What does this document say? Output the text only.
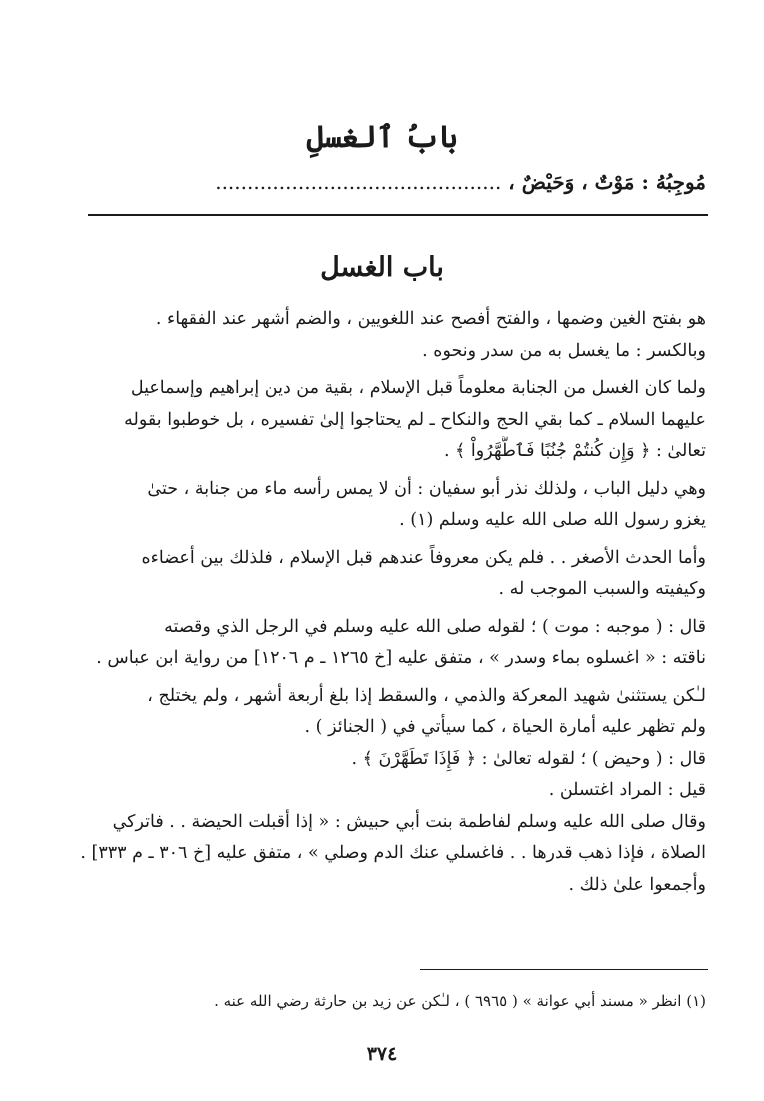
بابُ ٱلغسلِ
مُوجِبُهُ : مَوْتٌ ، وَحَيْضٌ ، .............................................
باب الغسل

هو بفتح الغين وضمها ، والفتح أفصح عند اللغويين ، والضم أشهر عند الفقهاء .
وبالكسر : ما يغسل به من سدر ونحوه .

ولما كان الغسل من الجنابة معلوماً قبل الإسلام ، بقية من دين إبراهيم وإسماعيل
عليهما السلام ـ كما بقي الحج والنكاح ـ لم يحتاجوا إلىٰ تفسيره ، بل خوطبوا بقوله
تعالىٰ : ﴿ وَإِن كُنتُمْ جُنُبًا فَٱطَّهَّرُواْ ﴾ .

وهي دليل الباب ، ولذلك نذر أبو سفيان : أن لا يمس رأسه ماء من جنابة ، حتىٰ
يغزو رسول الله صلى الله عليه وسلم (١) .

وأما الحدث الأصغر . . فلم يكن معروفاً عندهم قبل الإسلام ، فلذلك بين أعضاءه
وكيفيته والسبب الموجب له .

قال : ( موجبه : موت ) ؛ لقوله صلى الله عليه وسلم في الرجل الذي وقصته
ناقته : « اغسلوه بماء وسدر » ، متفق عليه [خ ١٢٦٥ ـ م ١٢٠٦] من رواية ابن عباس .

لـٰكن يستثنىٰ شهيد المعركة والذمي ، والسقط إذا بلغ أربعة أشهر ، ولم يختلج ،
ولم تظهر عليه أمارة الحياة ، كما سيأتي في ( الجنائز ) .

قال : ( وحيض ) ؛ لقوله تعالىٰ : ﴿ فَإِذَا تَطَهَّرْنَ ﴾ .

قيل : المراد اغتسلن .

وقال صلى الله عليه وسلم لفاطمة بنت أبي حبيش : « إذا أقبلت الحيضة . . فاتركي
الصلاة ، فإذا ذهب قدرها . . فاغسلي عنك الدم وصلي » ، متفق عليه [خ ٣٠٦ ـ م ٣٣٣] .
وأجمعوا علىٰ ذلك .

(١) انظر « مسند أبي عوانة » ( ٦٩٦٥ ) ، لـٰكن عن زيد بن حارثة رضي الله عنه .
٣٧٤
